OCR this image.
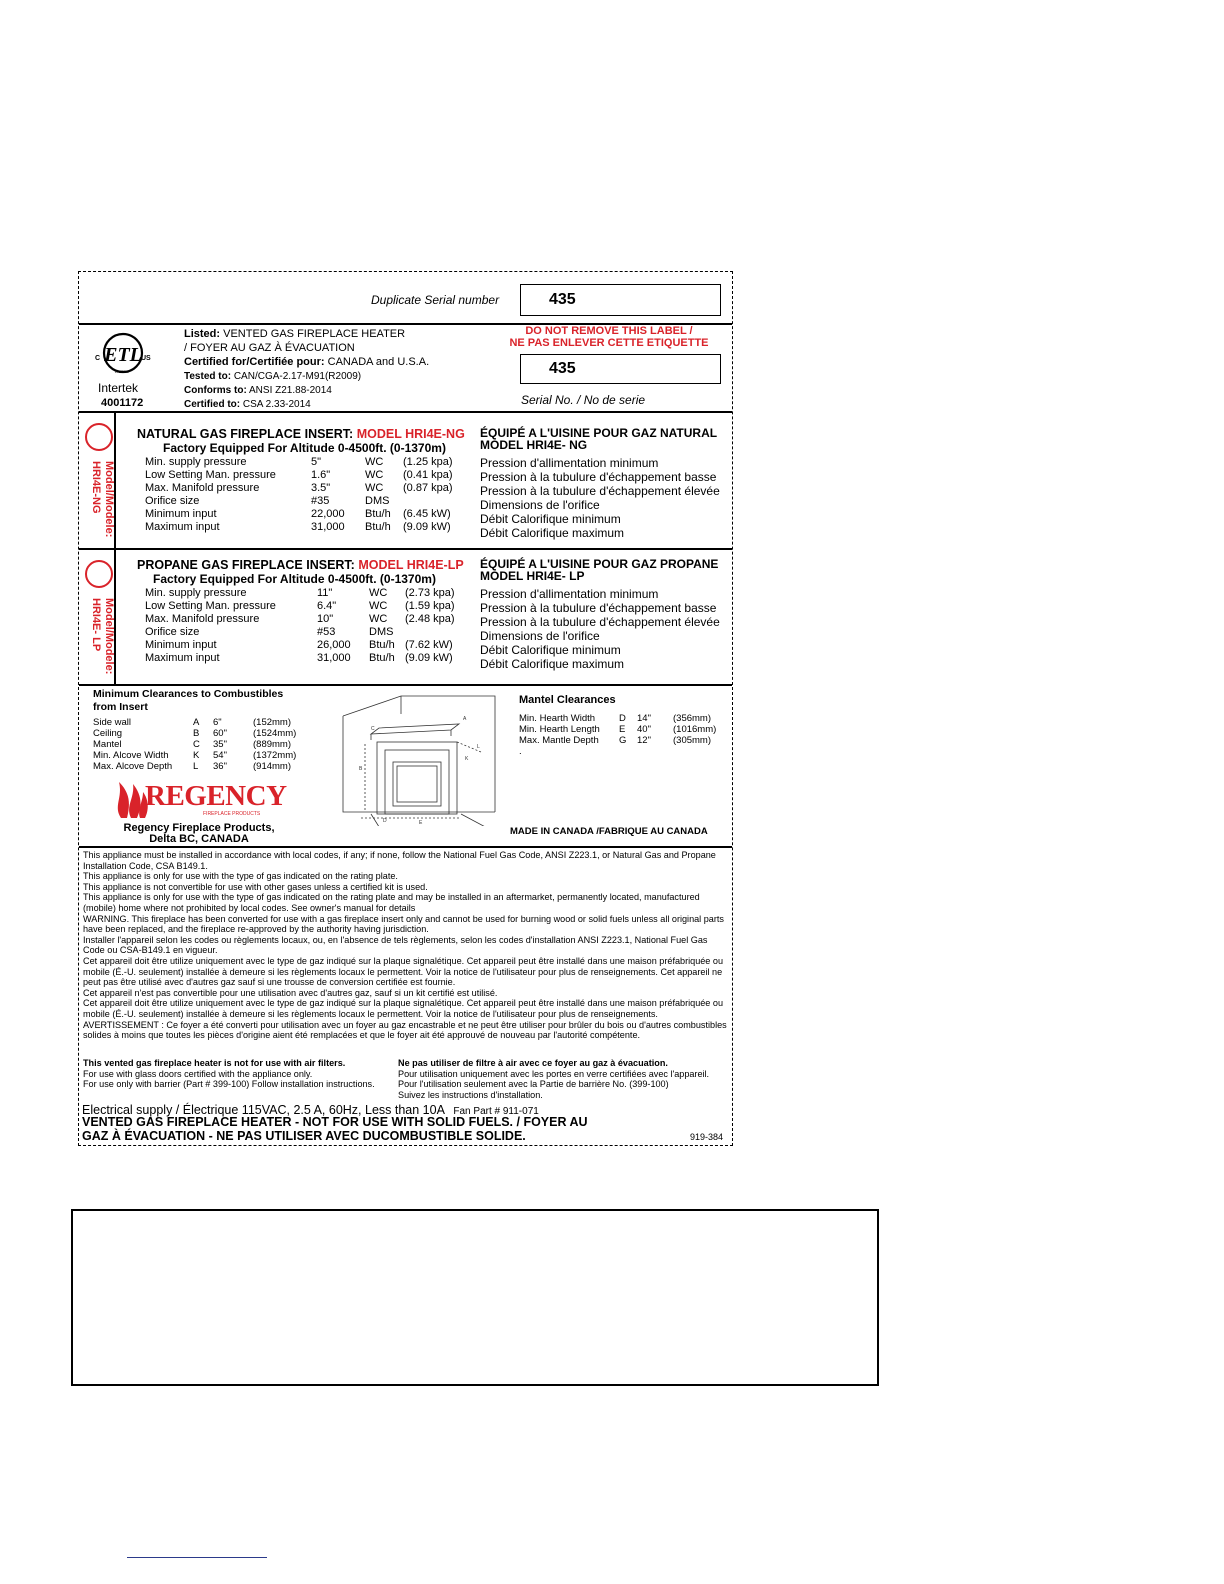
Duplicate Serial number	435
ETL
C	US
LISTED
Intertek
4001172
Listed: VENTED GAS FIREPLACE HEATER
/ FOYER AU GAZ À ÉVACUATION
Certified for/Certifiée pour: CANADA and U.S.A.
Tested to: CAN/CGA-2.17-M91(R2009)
Conforms to: ANSI Z21.88-2014
Certified to: CSA 2.33-2014
DO NOT REMOVE THIS LABEL /
NE PAS ENLEVER CETTE ETIQUETTE
435
Serial No. / No de serie
Model/Modele:
HRI4E-NG
NATURAL GAS FIREPLACE INSERT: MODEL HRI4E-NG
Factory Equipped For Altitude 0-4500ft. (0-1370m)
Min. supply pressure	5"	WC (1.25 kpa)
Low Setting Man. pressure	1.6"	WC (0.41 kpa)
Max. Manifold pressure	3.5"	WC (0.87 kpa)
Orifice size	#35	DMS
Minimum input	22,000 Btu/h (6.45 kW)
Maximum input	31,000 Btu/h (9.09 kW)
ÉQUIPÉ A L'UISINE POUR GAZ NATURAL
MODEL HRI4E- NG
Pression d'allimentation minimum
Pression à la tubulure d'échappement basse
Pression à la tubulure d'échappement élevée
Dimensions de l'orifice
Débit Calorifique minimum
Débit Calorifique maximum
Model/Modele:
HRI4E- LP
PROPANE GAS FIREPLACE INSERT: MODEL HRI4E-LP
Factory Equipped For Altitude 0-4500ft. (0-1370m)
Min. supply pressure	11"	WC (2.73 kpa)
Low Setting Man. pressure	6.4"	WC (1.59 kpa)
Max. Manifold pressure	10"	WC (2.48 kpa)
Orifice size	#53	DMS
Minimum input	26,000 Btu/h (7.62 kW)
Maximum input	31,000 Btu/h (9.09 kW)
ÉQUIPÉ A L'UISINE POUR GAZ PROPANE
MODEL HRI4E- LP
Pression d'allimentation minimum
Pression à la tubulure d'échappement basse
Pression à la tubulure d'échappement élevée
Dimensions de l'orifice
Débit Calorifique minimum
Débit Calorifique maximum
Minimum Clearances to Combustibles
from Insert
Side wall	A 6"	(152mm)
Ceiling	B 60"	(1524mm)
Mantel	C 35"	(889mm)
Min. Alcove Width	K 54"	(1372mm)
Max. Alcove Depth L 36"	(914mm)
REGENCY
FIREPLACE PRODUCTS
Regency Fireplace Products,
Delta BC, CANADA
B
A
C
D	E
L
K
Mantel Clearances
Min. Hearth Width	D 14" (356mm)
Min. Hearth Length E 40" (1016mm)
Max. Mantle Depth G 12" (305mm)
.
MADE IN CANADA /FABRIQUE AU CANADA

This appliance must be installed in accordance with local codes, if any; if none, follow the National Fuel Gas Code, ANSI Z223.1, or Natural Gas and Propane Installation Code, CSA B149.1.

This appliance is only for use with the type of gas indicated on the rating plate.

This appliance is not convertible for use with other gases unless a certified kit is used.

This appliance is only for use with the type of gas indicated on the rating plate and may be installed in an aftermarket, permanently located, manufactured (mobile) home where not prohibited by local codes. See owner's manual for details

WARNING. This fireplace has been converted for use with a gas fireplace insert only and cannot be used for burning wood or solid fuels unless all original parts have been replaced, and the fireplace re-approved by the authority having jurisdiction.

Installer l'appareil selon les codes ou règlements locaux, ou, en l'absence de tels règlements, selon les codes d'installation ANSI Z223.1, National Fuel Gas Code ou CSA-B149.1 en vigueur.

Cet appareil doit être utilize uniquement avec le type de gaz indiqué sur la plaque signalétique. Cet appareil peut être installé dans une maison préfabriquée ou mobile (É.-U. seulement) installée à demeure si les règlements locaux le permettent. Voir la notice de l'utilisateur pour plus de renseignements. Cet appareil ne peut pas être utilisé avec d'autres gaz sauf si une trousse de conversion certifiée est fournie.

Cet appareil n'est pas convertible pour une utilisation avec d'autres gaz, sauf si un kit certifié est utilisé.

Cet appareil doit être utilize uniquement avec le type de gaz indiqué sur la plaque signalétique. Cet appareil peut être installé dans une maison préfabriquée ou mobile (É.-U. seulement) installée à demeure si les règlements locaux le permettent. Voir la notice de l'utilisateur pour plus de renseignements.

AVERTISSEMENT : Ce foyer a été converti pour utilisation avec un foyer au gaz encastrable et ne peut être utiliser pour brûler du bois ou d'autres combustibles solides à moins que toutes les pièces d'origine aient été remplacées et que le foyer ait été approuvé de nouveau par l'autorité compétente.

This vented gas fireplace heater is not for use with air filters.

For use with glass doors certified with the appliance only.

For use only with barrier (Part # 399-100) Follow installation instructions.

Ne pas utiliser de filtre à air avec ce foyer au gaz à évacuation.

Pour utilisation uniquement avec les portes en verre certifiées avec l'appareil.

Pour l'utilisation seulement avec la Partie de barrière No. (399-100)

Suivez les instructions d'installation.

Electrical supply / Électrique 115VAC, 2.5 A, 60Hz, Less than 10A Fan Part # 911-071
VENTED GAS FIREPLACE HEATER - NOT FOR USE WITH SOLID FUELS. / FOYER AU
GAZ À ÉVACUATION - NE PAS UTILISER AVEC DUCOMBUSTIBLE SOLIDE.	919-384
